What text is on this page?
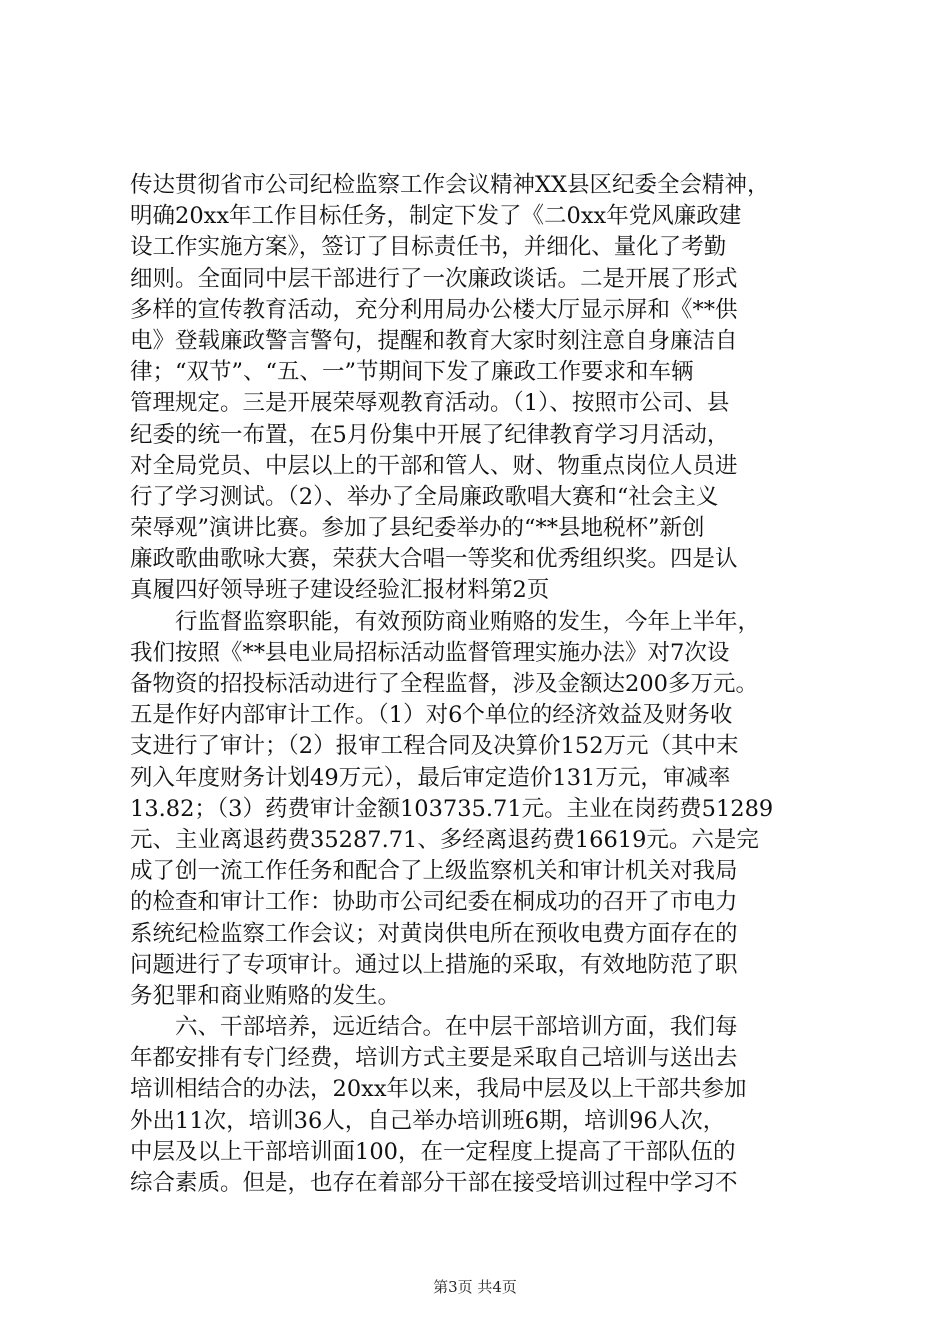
传达贯彻省市公司纪检监察工作会议精神XX县区纪委全会精神，
明确20xx年工作目标任务，制定下发了《二0xx年党风廉政建
设工作实施方案》，签订了目标责任书，并细化、量化了考勤
细则。全面同中层干部进行了一次廉政谈话。二是开展了形式
多样的宣传教育活动，充分利用局办公楼大厅显示屏和《**供
电》登载廉政警言警句，提醒和教育大家时刻注意自身廉洁自
律；“双节”、“五、一”节期间下发了廉政工作要求和车辆
管理规定。三是开展荣辱观教育活动。（1）、按照市公司、县
纪委的统一布置，在5月份集中开展了纪律教育学习月活动，
对全局党员、中层以上的干部和管人、财、物重点岗位人员进
行了学习测试。（2）、举办了全局廉政歌唱大赛和“社会主义
荣辱观”演讲比赛。参加了县纪委举办的“**县地税杯”新创
廉政歌曲歌咏大赛，荣获大合唱一等奖和优秀组织奖。四是认
真履四好领导班子建设经验汇报材料第2页
　　行监督监察职能，有效预防商业贿赂的发生，今年上半年，
我们按照《**县电业局招标活动监督管理实施办法》对7次设
备物资的招投标活动进行了全程监督，涉及金额达200多万元。
五是作好内部审计工作。（1）对6个单位的经济效益及财务收
支进行了审计；（2）报审工程合同及决算价152万元（其中末
列入年度财务计划49万元），最后审定造价131万元，审减率
13.82；（3）药费审计金额103735.71元。主业在岗药费51289
元、主业离退药费35287.71、多经离退药费16619元。六是完
成了创一流工作任务和配合了上级监察机关和审计机关对我局
的检查和审计工作：协助市公司纪委在桐成功的召开了市电力
系统纪检监察工作会议；对黄岗供电所在预收电费方面存在的
问题进行了专项审计。通过以上措施的采取，有效地防范了职
务犯罪和商业贿赂的发生。
　　六、干部培养，远近结合。在中层干部培训方面，我们每
年都安排有专门经费，培训方式主要是采取自己培训与送出去
培训相结合的办法，20xx年以来，我局中层及以上干部共参加
外出11次，培训36人，自己举办培训班6期，培训96人次，
中层及以上干部培训面100，在一定程度上提高了干部队伍的
综合素质。但是，也存在着部分干部在接受培训过程中学习不
第3页 共4页
